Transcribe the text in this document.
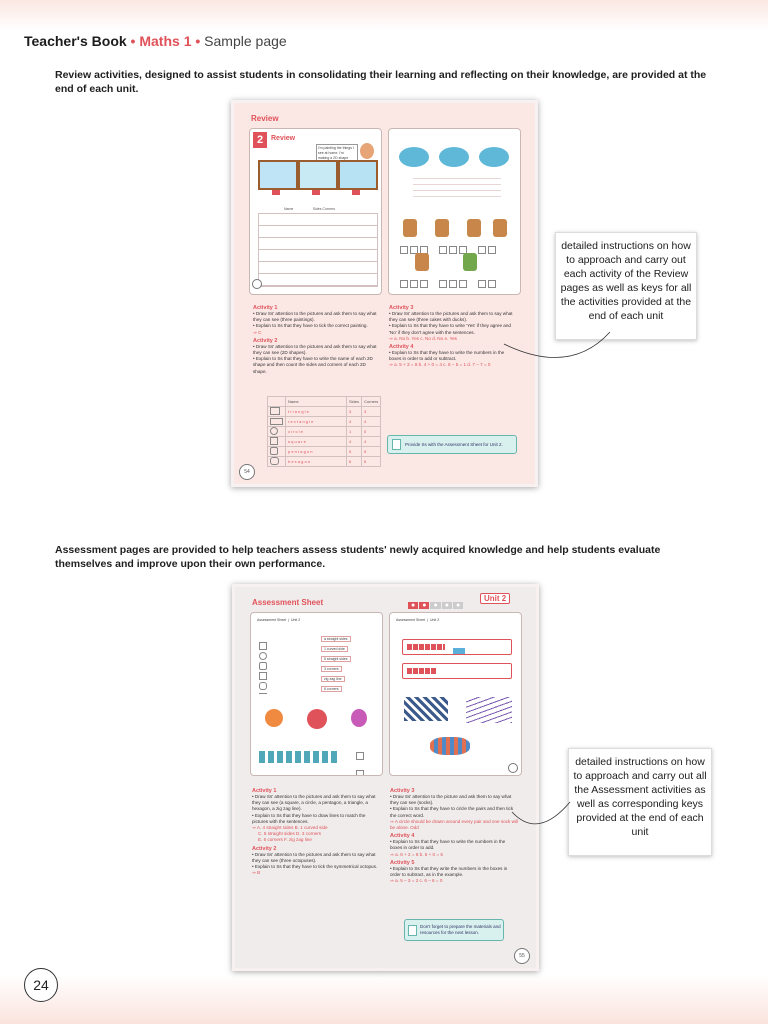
Teacher's Book • Maths 1 • Sample page
Review activities, designed to assist students in consolidating their learning and reflecting on their knowledge, are provided at the end of each unit.
Review
2	Review
I'm painting the things I see at home. I'm making a 2D shape
Name	Sides Corners

Activity 1

• Draw Ss' attention to the pictures and ask them to say what they can see (three paintings).

• Explain to Ss that they have to tick the correct painting.

⇒ C

Activity 2

• Draw Ss' attention to the pictures and ask them to say what they can see (2D shapes).

• Explain to Ss that they have to write the name of each 2D shape and then count the sides and corners of each 2D shape.

	Name	Sides	Corners
	t r i a n g l e	3	3
	r e c t a n g l e	4	4
	c i r c l e	1	0
	s q u a r e	4	4
	p e n t a g o n	5	5
	h e x a g o n	6	6
Activity 3

• Draw Ss' attention to the pictures and ask them to say what they can see (three cakes with ducks).

• Explain to Ss that they have to write 'Yes' if they agree and 'No' if they don't agree with the sentences.

⇒ a. No b. Yes c. No d. No e. Yes

Activity 4

• Explain to Ss that they have to write the numbers in the boxes in order to add or subtract.

⇒ a. 5 + 3 = 8 b. 4 + 0 = 4 c. 6 – 5 = 1 d. 7 – 7 = 0

Provide Ss with the Assessment Sheet for Unit 2.
54
detailed instructions on how to approach and carry out each activity of the Review pages as well as keys for all the activities provided at the end of each unit
Assessment pages are provided to help teachers assess students' newly acquired knowledge and help students evaluate themselves and improve upon their own performance.
Assessment Sheet	● ● ● ● ●
Unit 2
Assessment Sheet  |  Unit 2
a straight sides
1 curved side
5 straight sides
3 corners
zig zag line
6 corners

Assessment Sheet  |  Unit 2

Activity 1

• Draw Ss' attention to the pictures and ask them to say what they can see (a square, a circle, a pentagon, a triangle, a hexagon, a zig zag line).

• Explain to Ss that they have to draw lines to match the pictures with the sentences.

⇒ A. 4 straight sides B. 1 curved side

C. 5 straight sides D. 3 corners

E. 6 corners F. zig zag line

Activity 2

• Draw Ss' attention to the pictures and ask them to say what they can see (three octopuses).

• Explain to Ss that they have to tick the symmetrical octopus.

⇒ B

Activity 3

• Draw Ss' attention to the picture and ask them to say what they can see (socks).

• Explain to Ss that they have to circle the pairs and then tick the correct word.

⇒ A circle should be drawn around every pair and one sock will be alone. Odd

Activity 4

• Explain to Ss that they have to write the numbers in the boxes in order to add.

⇒ a. 6 + 2 = 8 b. 5 + 0 = 5

Activity 5

• Explain to Ss that they write the numbers in the boxes in order to subtract, as in the example.

⇒ a. 5 – 3 = 2 c. 6 – 6 = 0

Don't forget to prepare the materials and resources for the next lesson.
55
detailed instructions on how to approach and carry out all the Assessment activities as well as corresponding keys provided at the end of each unit
24
